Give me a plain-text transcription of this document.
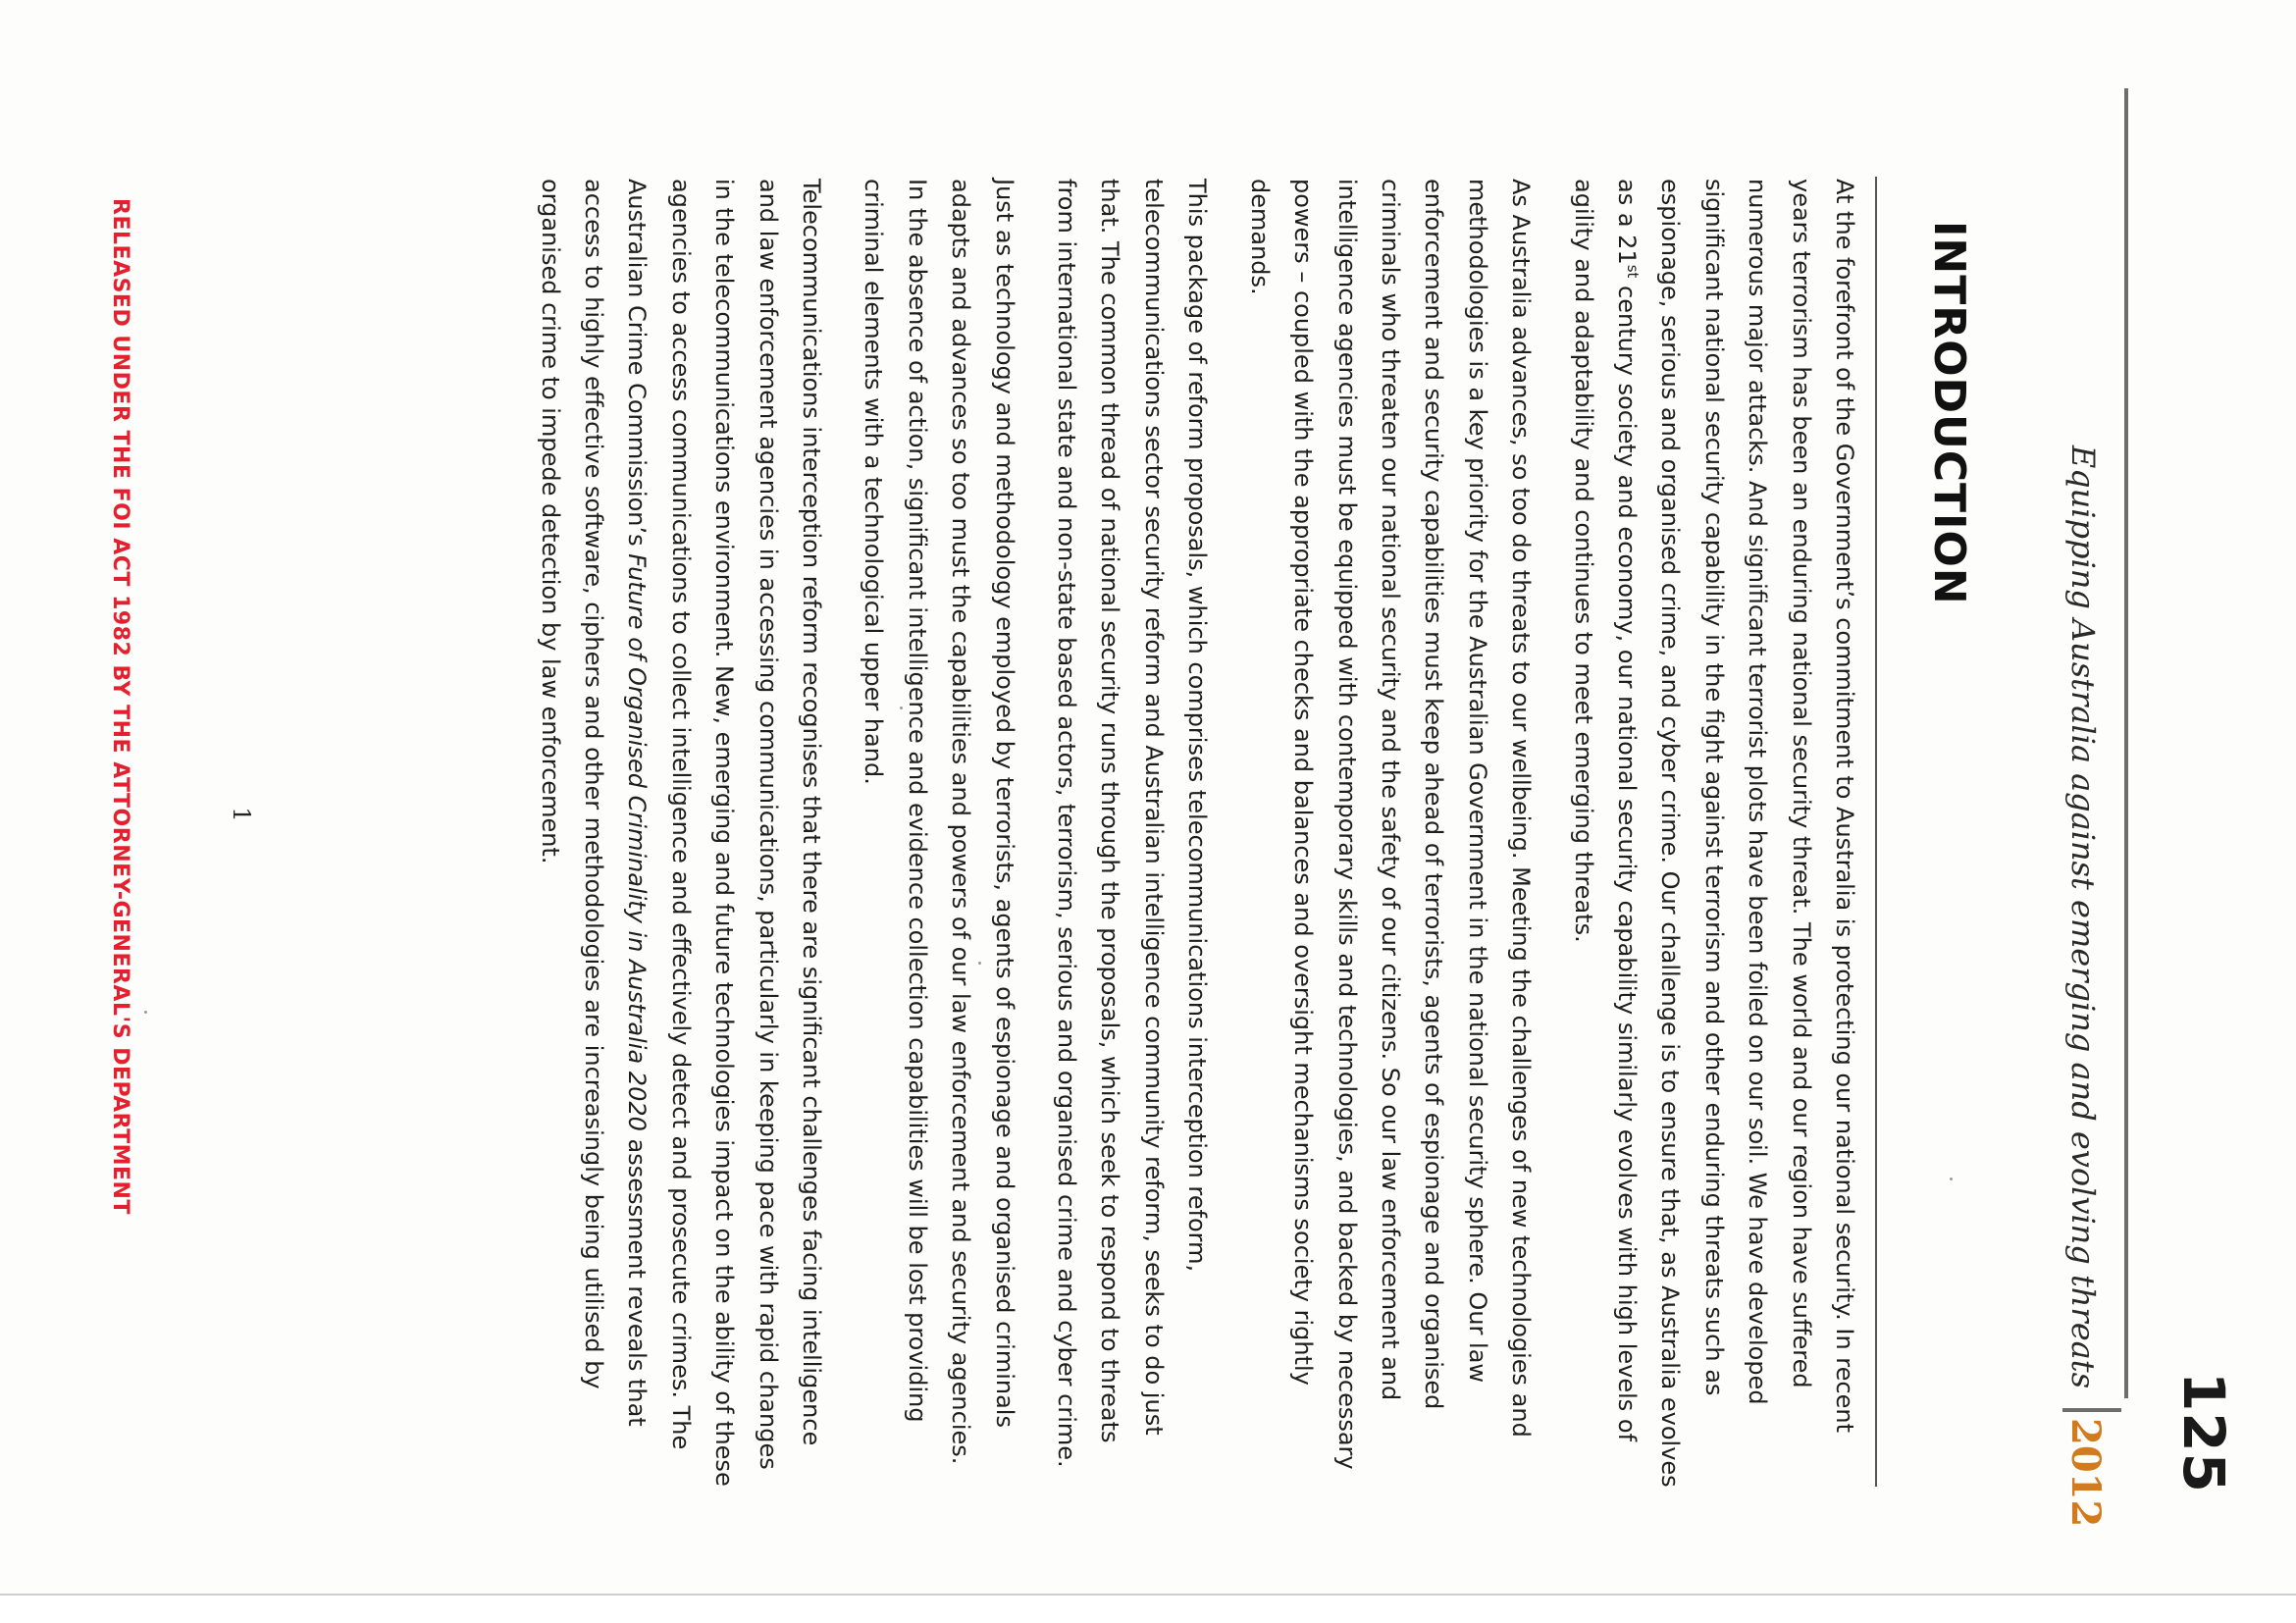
125
Equipping Australia against emerging and evolving threats
2012
INTRODUCTION

At the forefront of the Government’s commitment to Australia is protecting our national security. In recent years terrorism has been an enduring national security threat. The world and our region have suffered numerous major attacks. And significant terrorist plots have been foiled on our soil. We have developed significant national security capability in the fight against terrorism and other enduring threats such as espionage, serious and organised crime, and cyber crime. Our challenge is to ensure that, as Australia evolves as a 21st century society and economy, our national security capability similarly evolves with high levels of agility and adaptability and continues to meet emerging threats.

As Australia advances, so too do threats to our wellbeing. Meeting the challenges of new technologies and methodologies is a key priority for the Australian Government in the national security sphere. Our law enforcement and security capabilities must keep ahead of terrorists, agents of espionage and organised criminals who threaten our national security and the safety of our citizens. So our law enforcement and intelligence agencies must be equipped with contemporary skills and technologies, and backed by necessary powers – coupled with the appropriate checks and balances and oversight mechanisms society rightly demands.

This package of reform proposals, which comprises telecommunications interception reform, telecommunications sector security reform and Australian intelligence community reform, seeks to do just that. The common thread of national security runs through the proposals, which seek to respond to threats from international state and non-state based actors, terrorism, serious and organised crime and cyber crime.

Just as technology and methodology employed by terrorists, agents of espionage and organised criminals adapts and advances so too must the capabilities and powers of our law enforcement and security agencies. In the absence of action, significant intelligence and evidence collection capabilities will be lost providing criminal elements with a technological upper hand.

Telecommunications interception reform recognises that there are significant challenges facing intelligence and law enforcement agencies in accessing communications, particularly in keeping pace with rapid changes in the telecommunications environment. New, emerging and future technologies impact on the ability of these agencies to access communications to collect intelligence and effectively detect and prosecute crimes. The Australian Crime Commission’s Future of Organised Criminality in Australia 2020 assessment reveals that access to highly effective software, ciphers and other methodologies are increasingly being utilised by organised crime to impede detection by law enforcement.

1
RELEASED UNDER THE FOI ACT 1982 BY THE ATTORNEY-GENERAL'S DEPARTMENT
